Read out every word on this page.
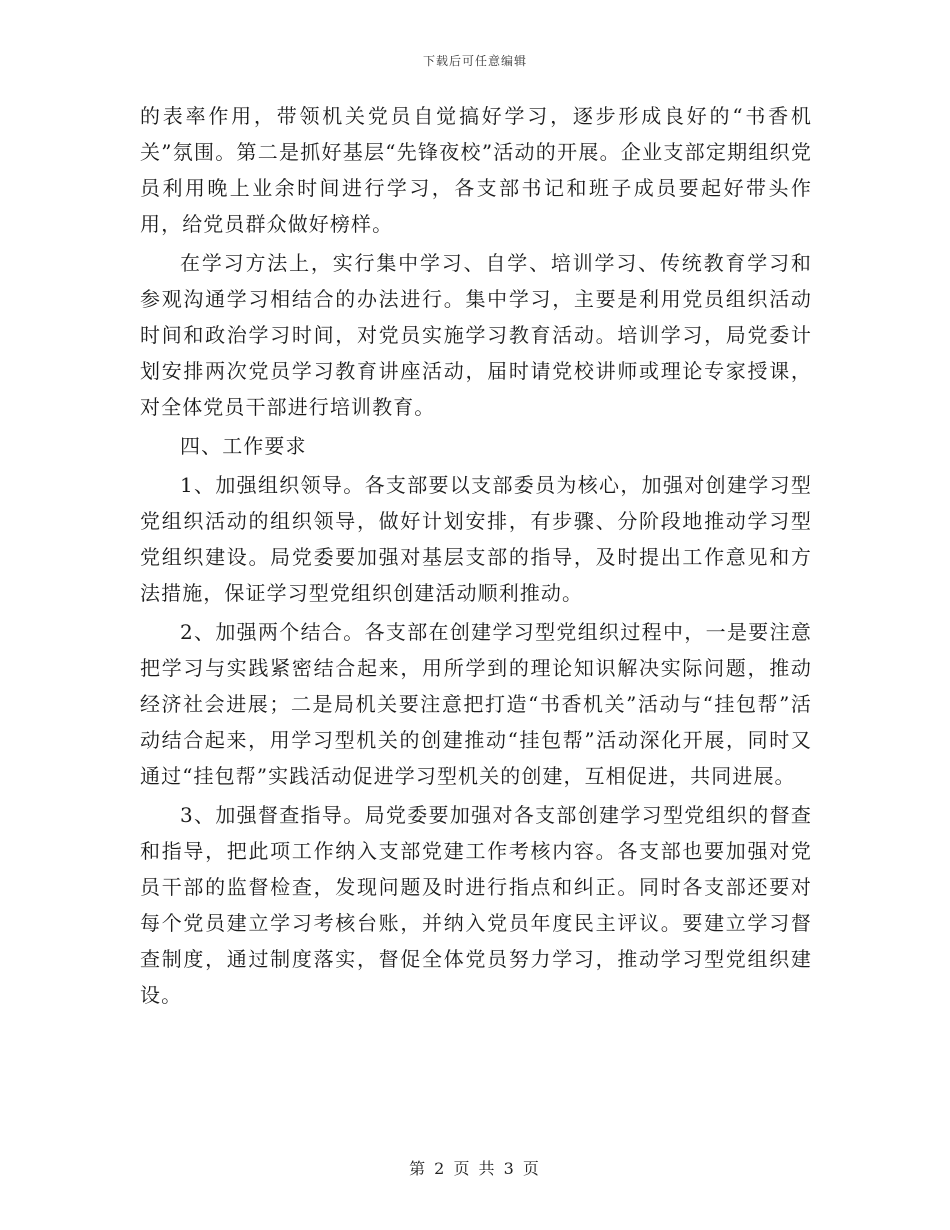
下载后可任意编辑

的表率作用，带领机关党员自觉搞好学习，逐步形成良好的“书香机关”氛围。第二是抓好基层“先锋夜校”活动的开展。企业支部定期组织党员利用晚上业余时间进行学习，各支部书记和班子成员要起好带头作用，给党员群众做好榜样。

在学习方法上，实行集中学习、自学、培训学习、传统教育学习和参观沟通学习相结合的办法进行。集中学习，主要是利用党员组织活动时间和政治学习时间，对党员实施学习教育活动。培训学习，局党委计划安排两次党员学习教育讲座活动，届时请党校讲师或理论专家授课，对全体党员干部进行培训教育。

四、工作要求

1、加强组织领导。各支部要以支部委员为核心，加强对创建学习型党组织活动的组织领导，做好计划安排，有步骤、分阶段地推动学习型党组织建设。局党委要加强对基层支部的指导，及时提出工作意见和方法措施，保证学习型党组织创建活动顺利推动。

2、加强两个结合。各支部在创建学习型党组织过程中，一是要注意把学习与实践紧密结合起来，用所学到的理论知识解决实际问题，推动经济社会进展；二是局机关要注意把打造“书香机关”活动与“挂包帮”活动结合起来，用学习型机关的创建推动“挂包帮”活动深化开展，同时又通过“挂包帮”实践活动促进学习型机关的创建，互相促进，共同进展。

3、加强督查指导。局党委要加强对各支部创建学习型党组织的督查和指导，把此项工作纳入支部党建工作考核内容。各支部也要加强对党员干部的监督检查，发现问题及时进行指点和纠正。同时各支部还要对每个党员建立学习考核台账，并纳入党员年度民主评议。要建立学习督查制度，通过制度落实，督促全体党员努力学习，推动学习型党组织建设。

第 2 页 共 3 页
